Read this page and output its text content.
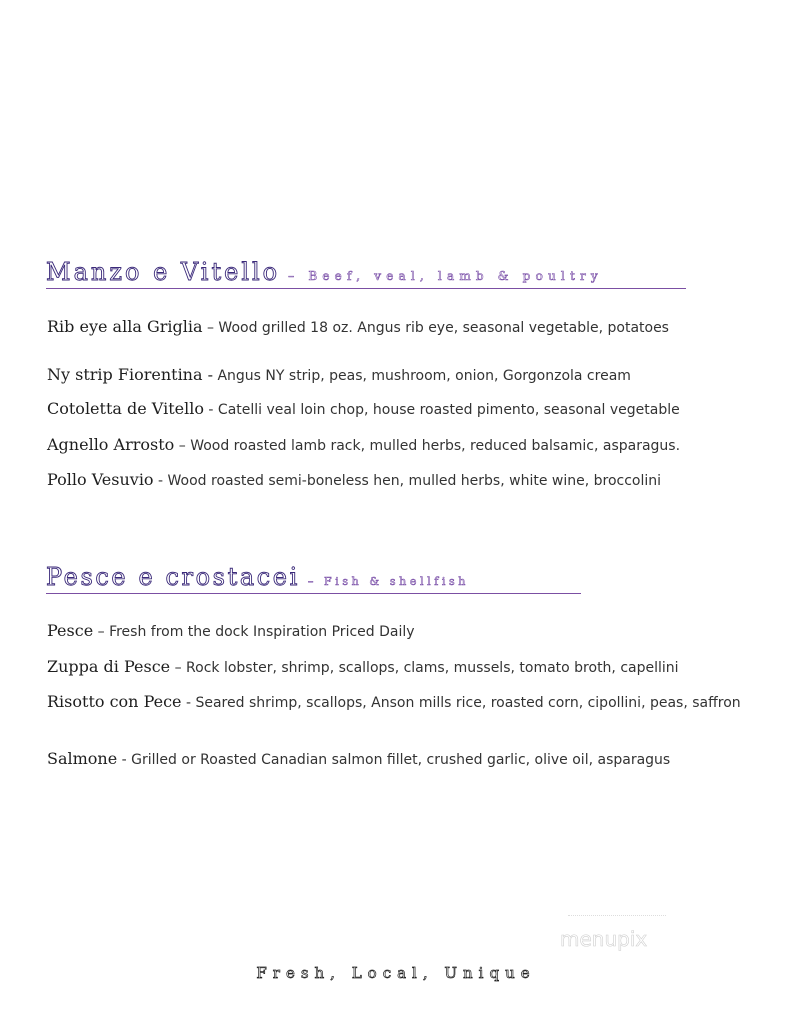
Manzo e Vitello – Beef, veal, lamb & poultry
Rib eye alla Griglia – Wood grilled 18 oz. Angus rib eye, seasonal vegetable, potatoes
Ny strip Fiorentina - Angus NY strip, peas, mushroom, onion, Gorgonzola cream
Cotoletta de Vitello - Catelli veal loin chop, house roasted pimento, seasonal vegetable
Agnello Arrosto – Wood roasted lamb rack, mulled herbs, reduced balsamic, asparagus.
Pollo Vesuvio - Wood roasted semi-boneless hen, mulled herbs, white wine, broccolini
Pesce e crostacei – Fish & shellfish
Pesce – Fresh from the dock Inspiration Priced Daily
Zuppa di Pesce – Rock lobster, shrimp, scallops, clams, mussels, tomato broth, capellini
Risotto con Pece - Seared shrimp, scallops, Anson mills rice, roasted corn, cipollini, peas, saffron
Salmone - Grilled or Roasted Canadian salmon fillet, crushed garlic, olive oil, asparagus
menupix
Fresh, Local, Unique
